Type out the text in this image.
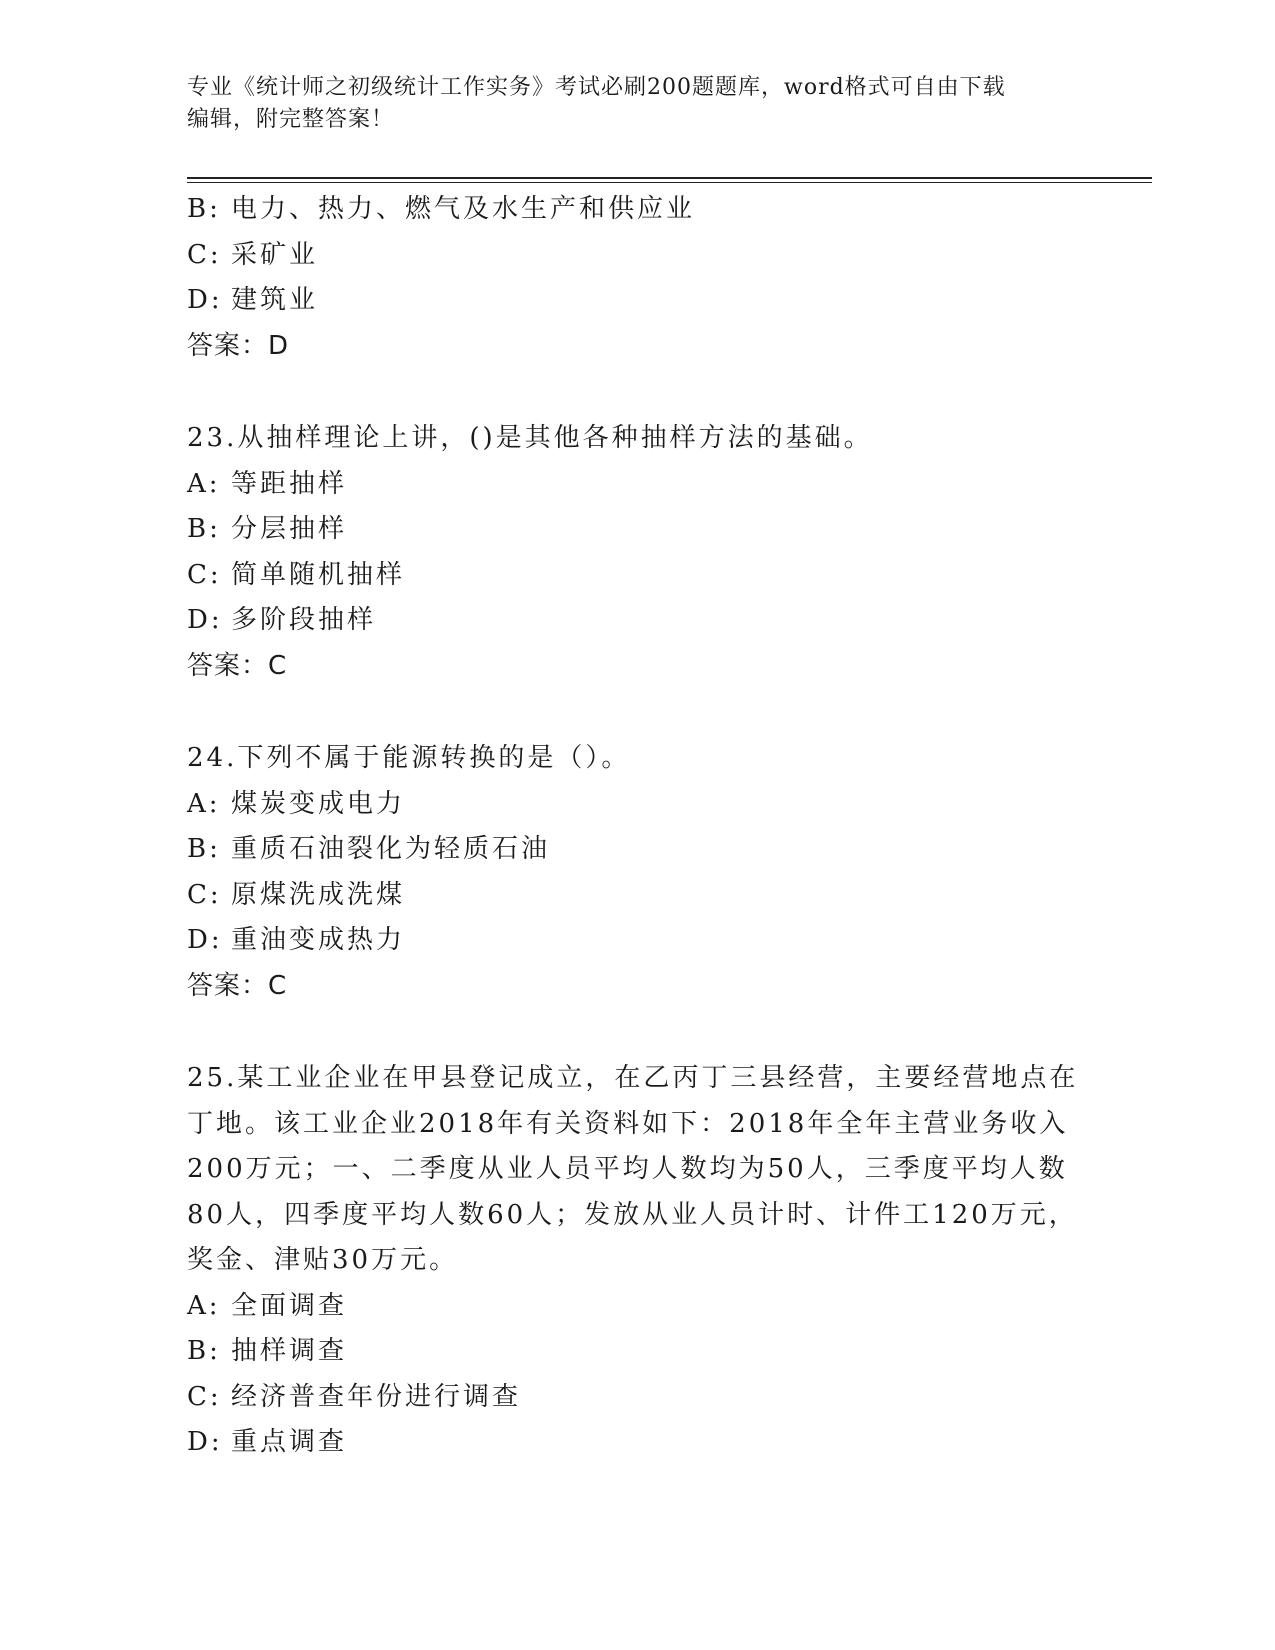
专业《统计师之初级统计工作实务》考试必刷200题题库，word格式可自由下载
编辑，附完整答案！
B: 电力、热力、燃气及水生产和供应业
C: 采矿业
D: 建筑业
答案：D
23.从抽样理论上讲，()是其他各种抽样方法的基础。
A: 等距抽样
B: 分层抽样
C: 简单随机抽样
D: 多阶段抽样
答案：C
24.下列不属于能源转换的是（）。
A: 煤炭变成电力
B: 重质石油裂化为轻质石油
C: 原煤洗成洗煤
D: 重油变成热力
答案：C
25.某工业企业在甲县登记成立，在乙丙丁三县经营，主要经营地点在
丁地。该工业企业2018年有关资料如下：2018年全年主营业务收入
200万元；一、二季度从业人员平均人数均为50人，三季度平均人数
80人，四季度平均人数60人；发放从业人员计时、计件工120万元，
奖金、津贴30万元。
A: 全面调查
B: 抽样调查
C: 经济普查年份进行调查
D: 重点调查
